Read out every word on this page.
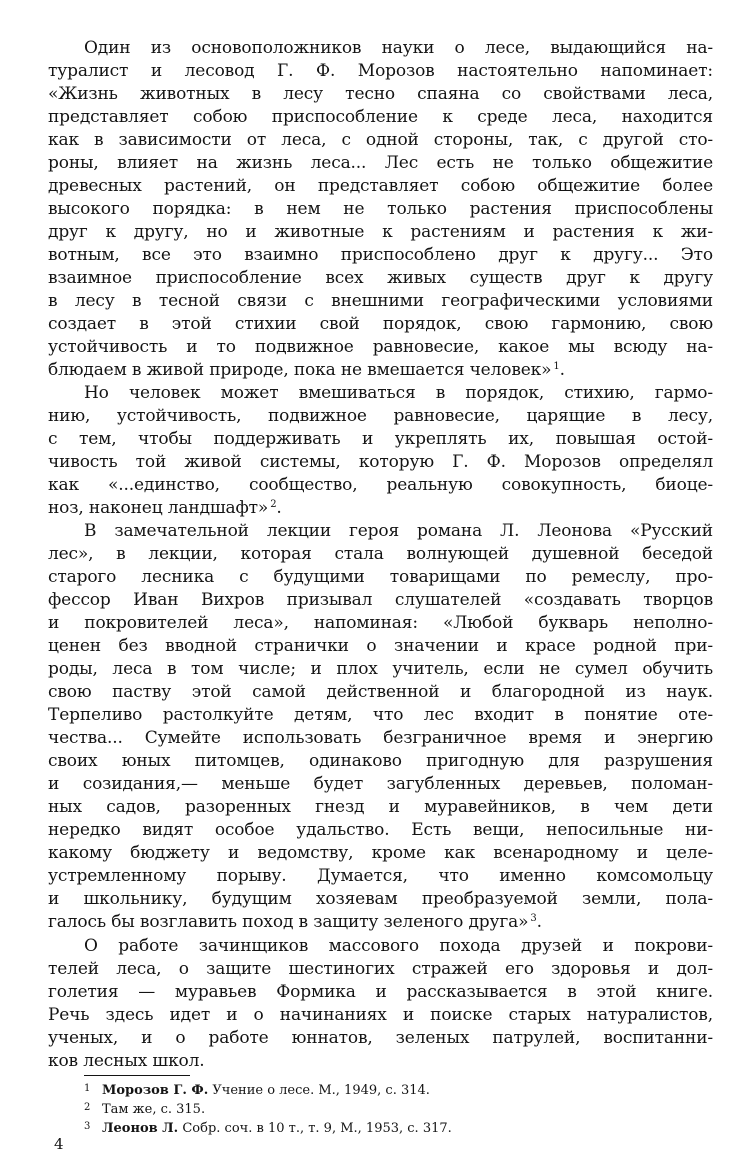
Один из основоположников науки о лесе, выдающийся на-
туралист и лесовод Г. Ф. Морозов настоятельно напоминает:
«Жизнь животных в лесу тесно спаяна со свойствами леса,
представляет собою приспособление к среде леса, находится
как в зависимости от леса, с одной стороны, так, с другой сто-
роны, влияет на жизнь леса... Лес есть не только общежитие
древесных растений, он представляет собою общежитие более
высокого порядка: в нем не только растения приспособлены
друг к другу, но и животные к растениям и растения к жи-
вотным, все это взаимно приспособлено друг к другу... Это
взаимное приспособление всех живых существ друг к другу
в лесу в тесной связи с внешними географическими условиями
создает в этой стихии свой порядок, свою гармонию, свою
устойчивость и то подвижное равновесие, какое мы всюду на-
блюдаем в живой природе, пока не вмешается человек» $^1$.
Но человек может вмешиваться в порядок, стихию, гармо-
нию, устойчивость, подвижное равновесие, царящие в лесу,
с тем, чтобы поддерживать и укреплять их, повышая остой-
чивость той живой системы, которую Г. Ф. Морозов определял
как «...единство, сообщество, реальную совокупность, биоце-
ноз, наконец ландшафт» $^2$.
В замечательной лекции героя романа Л. Леонова «Русский
лес», в лекции, которая стала волнующей душевной беседой
старого лесника с будущими товарищами по ремеслу, про-
фессор Иван Вихров призывал слушателей «создавать творцов
и покровителей леса», напоминая: «Любой букварь неполно-
ценен без вводной странички о значении и красе родной при-
роды, леса в том числе; и плох учитель, если не сумел обучить
свою паству этой самой действенной и благородной из наук.
Терпеливо растолкуйте детям, что лес входит в понятие оте-
чества... Сумейте использовать безграничное время и энергию
своих юных питомцев, одинаково пригодную для разрушения
и созидания,— меньше будет загубленных деревьев, поломан-
ных садов, разоренных гнезд и муравейников, в чем дети
нередко видят особое удальство. Есть вещи, непосильные ни-
какому бюджету и ведомству, кроме как всенародному и целе-
устремленному порыву. Думается, что именно комсомольцу
и школьнику, будущим хозяевам преобразуемой земли, пола-
галось бы возглавить поход в защиту зеленого друга» $^3$.
О работе зачинщиков массового похода друзей и покрови-
телей леса, о защите шестиногих стражей его здоровья и дол-
голетия — муравьев Формика и рассказывается в этой книге.
Речь здесь идет и о начинаниях и поиске старых натуралистов,
ученых, и о работе юннатов, зеленых патрулей, воспитанни-
ков лесных школ.
1 Морозов Г. Ф. Учение о лесе. М., 1949, с. 314.
2 Там же, с. 315.
3 Леонов Л. Собр. соч. в 10 т., т. 9, М., 1953, с. 317.
4
